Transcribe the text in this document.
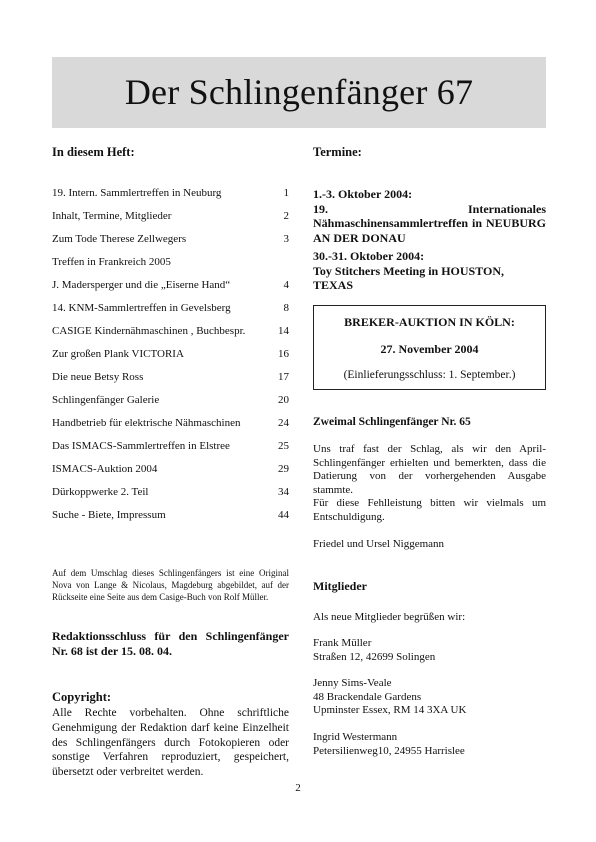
Der Schlingenfänger 67
In diesem Heft:
19. Intern. Sammlertreffen in Neuburg	1
Inhalt, Termine, Mitglieder	2
Zum Tode Therese Zellwegers	3
Treffen in Frankreich 2005
J. Madersperger und die „Eiserne Hand“	4
14. KNM-Sammlertreffen in Gevelsberg	8
CASIGE Kindernähmaschinen , Buchbespr.	14
Zur großen Plank VICTORIA	16
Die neue Betsy Ross	17
Schlingenfänger Galerie	20
Handbetrieb für elektrische Nähmaschinen	24
Das ISMACS-Sammlertreffen in Elstree	25
ISMACS-Auktion 2004	29
Dürkoppwerke 2. Teil	34
Suche - Biete, Impressum	44
Auf dem Umschlag dieses Schlingenfängers ist eine Original Nova von Lange & Nicolaus, Magdeburg abgebildet, auf der Rückseite eine Seite aus dem Casige-Buch von Rolf Müller.
Redaktionsschluss für den Schlingenfänger Nr. 68 ist der 15. 08. 04.
Copyright:
Alle Rechte vorbehalten. Ohne schriftliche Genehmigung der Redaktion darf keine Einzelheit des Schlingenfängers durch Fotokopieren oder sonstige Verfahren reproduziert, gespeichert, übersetzt oder verbreitet werden.
Termine:
1.-3. Oktober 2004:
19. Internationales Nähmaschinensammlertreffen in NEUBURG AN DER DONAU
30.-31. Oktober 2004:
Toy Stitchers Meeting in HOUSTON, TEXAS
BREKER-AUKTION IN KÖLN:
27. November 2004
(Einlieferungsschluss: 1. September.)
Zweimal Schlingenfänger Nr. 65
Uns traf fast der Schlag, als wir den April-Schlingenfänger erhielten und bemerkten, dass die Datierung von der vorhergehenden Ausgabe stammte.
Für diese Fehlleistung bitten wir vielmals um Entschuldigung.
Friedel und Ursel Niggemann
Mitglieder
Als neue Mitglieder begrüßen wir:
Frank Müller
Straßen 12, 42699 Solingen
Jenny Sims-Veale
48 Brackendale Gardens
Upminster Essex, RM 14 3XA UK
Ingrid Westermann
Petersilienweg10, 24955 Harrislee
2
